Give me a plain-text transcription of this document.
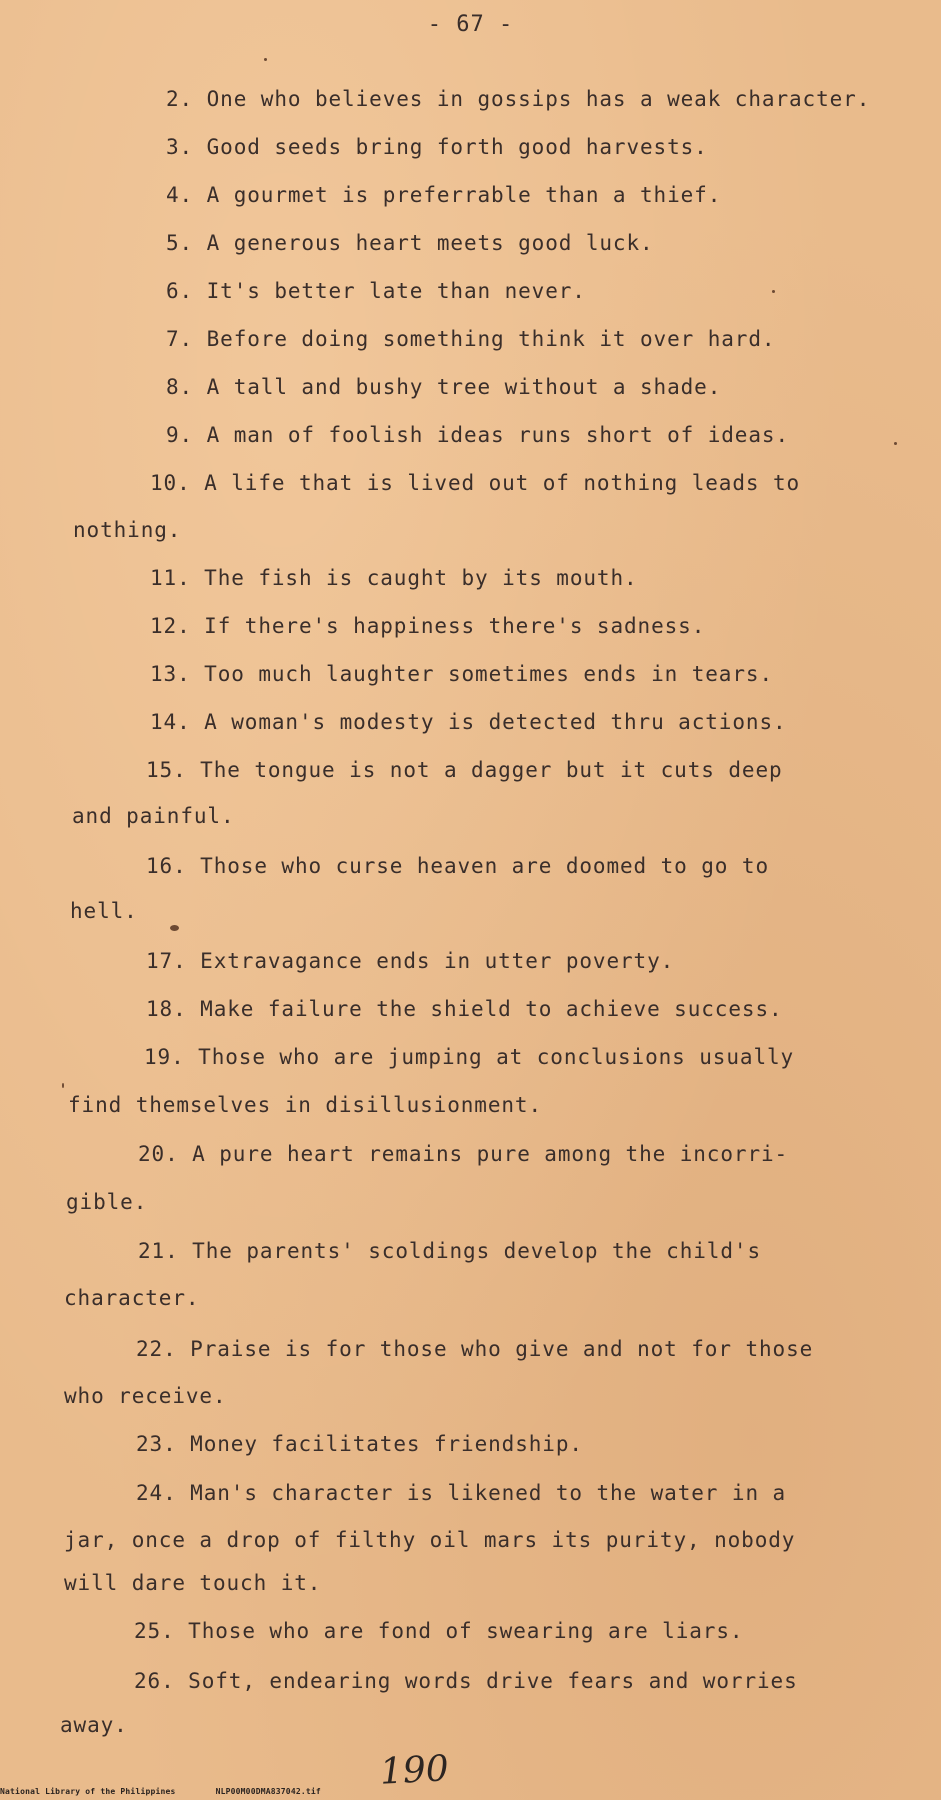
- 67 -
2. One who believes in gossips has a weak character.
3. Good seeds bring forth good harvests.
4. A gourmet is preferrable than a thief.
5. A generous heart meets good luck.
6. It's better late than never.
7. Before doing something think it over hard.
8. A tall and bushy tree without a shade.
9. A man of foolish ideas runs short of ideas.
10. A life that is lived out of nothing leads to
nothing.
11. The fish is caught by its mouth.
12. If there's happiness there's sadness.
13. Too much laughter sometimes ends in tears.
14. A woman's modesty is detected thru actions.
15. The tongue is not a dagger but it cuts deep
and painful.
16. Those who curse heaven are doomed to go to
hell.
17. Extravagance ends in utter poverty.
18. Make failure the shield to achieve success.
19. Those who are jumping at conclusions usually
find themselves in disillusionment.
20. A pure heart remains pure among the incorri-
gible.
21. The parents' scoldings develop the child's
character.
22. Praise is for those who give and not for those
who receive.
23. Money facilitates friendship.
24. Man's character is likened to the water in a
jar, once a drop of filthy oil mars its purity, nobody
will dare touch it.
25. Those who are fond of swearing are liars.
26. Soft, endearing words drive fears and worries
away.
190
National Library of the Philippines	NLP00M00DMA837042.tif
